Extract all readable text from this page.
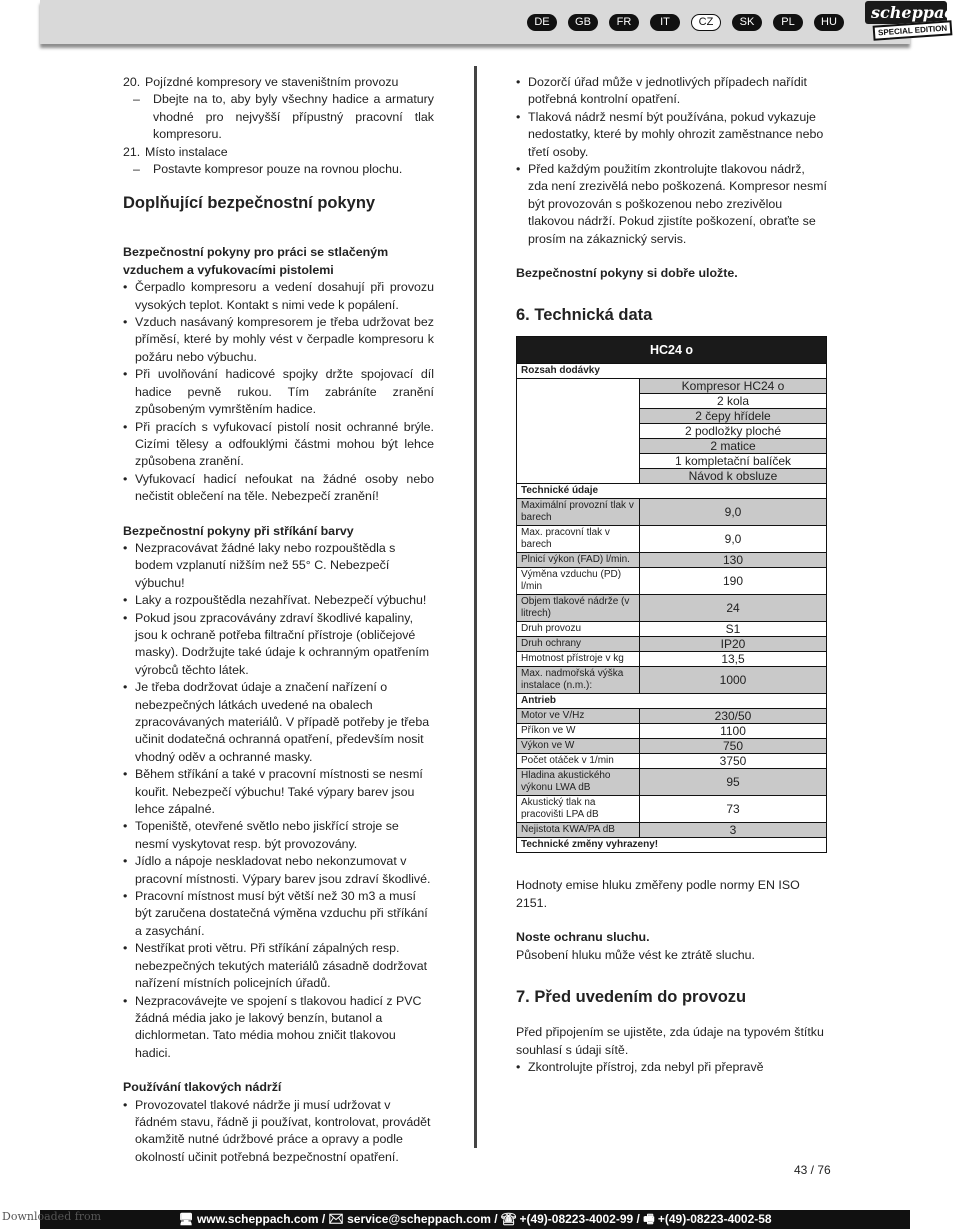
DE	GB	FR	IT	CZ	SK	PL	HU	scheppach
SPECIAL EDITION
20. Pojízdné kompresory ve staveništním provozu
–	Dbejte na to, aby byly všechny hadice a armatury vhodné pro nejvyšší přípustný pracovní tlak kompresoru.
21. Místo instalace
–	Postavte kompresor pouze na rovnou plochu.
Doplňující bezpečnostní pokyny
Bezpečnostní pokyny pro práci se stlačeným vzduchem a vyfukovacími pistolemi
• Čerpadlo kompresoru a vedení dosahují při provozu vysokých teplot. Kontakt s nimi vede k popálení.
• Vzduch nasávaný kompresorem je třeba udržovat bez příměsí, které by mohly vést v čerpadle kompresoru k požáru nebo výbuchu.
• Při uvolňování hadicové spojky držte spojovací díl hadice pevně rukou. Tím zabráníte zranění způsobeným vymrštěním hadice.
• Při pracích s vyfukovací pistolí nosit ochranné brýle. Cizími tělesy a odfouklými částmi mohou být lehce způsobena zranění.
• Vyfukovací hadicí nefoukat na žádné osoby nebo nečistit oblečení na těle. Nebezpečí zranění!
Bezpečnostní pokyny při stříkání barvy
• Nezpracovávat žádné laky nebo rozpouštědla s bodem vzplanutí nižším než 55° C. Nebezpečí výbuchu!
• Laky a rozpouštědla nezahřívat. Nebezpečí výbuchu!
• Pokud jsou zpracovávány zdraví škodlivé kapaliny, jsou k ochraně potřeba filtrační přístroje (obličejové masky). Dodržujte také údaje k ochranným opatřením výrobců těchto látek.
• Je třeba dodržovat údaje a značení nařízení o nebezpečných látkách uvedené na obalech zpracovávaných materiálů. V případě potřeby je třeba učinit dodatečná ochranná opatření, především nosit vhodný oděv a ochranné masky.
• Během stříkání a také v pracovní místnosti se nesmí kouřit. Nebezpečí výbuchu! Také výpary barev jsou lehce zápalné.
• Topeniště, otevřené světlo nebo jiskřící stroje se nesmí vyskytovat resp. být provozovány.
• Jídlo a nápoje neskladovat nebo nekonzumovat v pracovní místnosti. Výpary barev jsou zdraví škodlivé.
• Pracovní místnost musí být větší než 30 m3 a musí být zaručena dostatečná výměna vzduchu při stříkání a zasychání.
• Nestříkat proti větru. Při stříkání zápalných resp. nebezpečných tekutých materiálů zásadně dodržovat nařízení místních policejních úřadů.
• Nezpracovávejte ve spojení s tlakovou hadicí z PVC žádná média jako je lakový benzín, butanol a dichlormetan. Tato média mohou zničit tlakovou hadici.
Používání tlakových nádrží
• Provozovatel tlakové nádrže ji musí udržovat v řádném stavu, řádně ji používat, kontrolovat, provádět okamžitě nutné údržbové práce a opravy a podle okolností učinit potřebná bezpečnostní opatření.
• Dozorčí úřad může v jednotlivých případech nařídit potřebná kontrolní opatření.
• Tlaková nádrž nesmí být používána, pokud vykazuje nedostatky, které by mohly ohrozit zaměstnance nebo třetí osoby.
• Před každým použitím zkontrolujte tlakovou nádrž, zda není zrezivělá nebo poškozená. Kompresor nesmí být provozován s poškozenou nebo zrezivělou tlakovou nádrží. Pokud zjistíte poškození, obraťte se prosím na zákaznický servis.
Bezpečnostní pokyny si dobře uložte.
6. Technická data
HC24 o	
Rozsah dodávky	
	Kompresor HC24 o
	2 kola
	2 čepy hřídele
	2 podložky ploché
	2 matice
	1 kompletační balíček
	Návod k obsluze
Technické údaje	
Maximální provozní tlak v barech	9,0
Max. pracovní tlak v barech	9,0
Plnicí výkon (FAD) l/min.	130
Výměna vzduchu (PD) l/min	190
Objem tlakové nádrže (v litrech)	24
Druh provozu	S1
Druh ochrany	IP20
Hmotnost přístroje v kg	13,5
Max. nadmořská výška instalace (n.m.):	1000
Antrieb	
Motor ve V/Hz	230/50
Příkon ve W	1100
Výkon ve W	750
Počet otáček v 1/min	3750
Hladina akustického výkonu LWA dB	95
Akustický tlak na pracovišti LPA dB	73
Nejistota KWA/PA dB	3
Technické změny vyhrazeny!	
Hodnoty emise hluku změřeny podle normy EN ISO 2151.
Noste ochranu sluchu.
Působení hluku může vést ke ztrátě sluchu.
7. Před uvedením do provozu
Před připojením se ujistěte, zda údaje na typovém štítku souhlasí s údaji sítě.
• Zkontrolujte přístroj, zda nebyl při přepravě
43 / 76
🖥 www.scheppach.com / ✉ service@scheppach.com / ☎ +(49)-08223-4002-99 / 🖷 +(49)-08223-4002-58
Downloaded from
